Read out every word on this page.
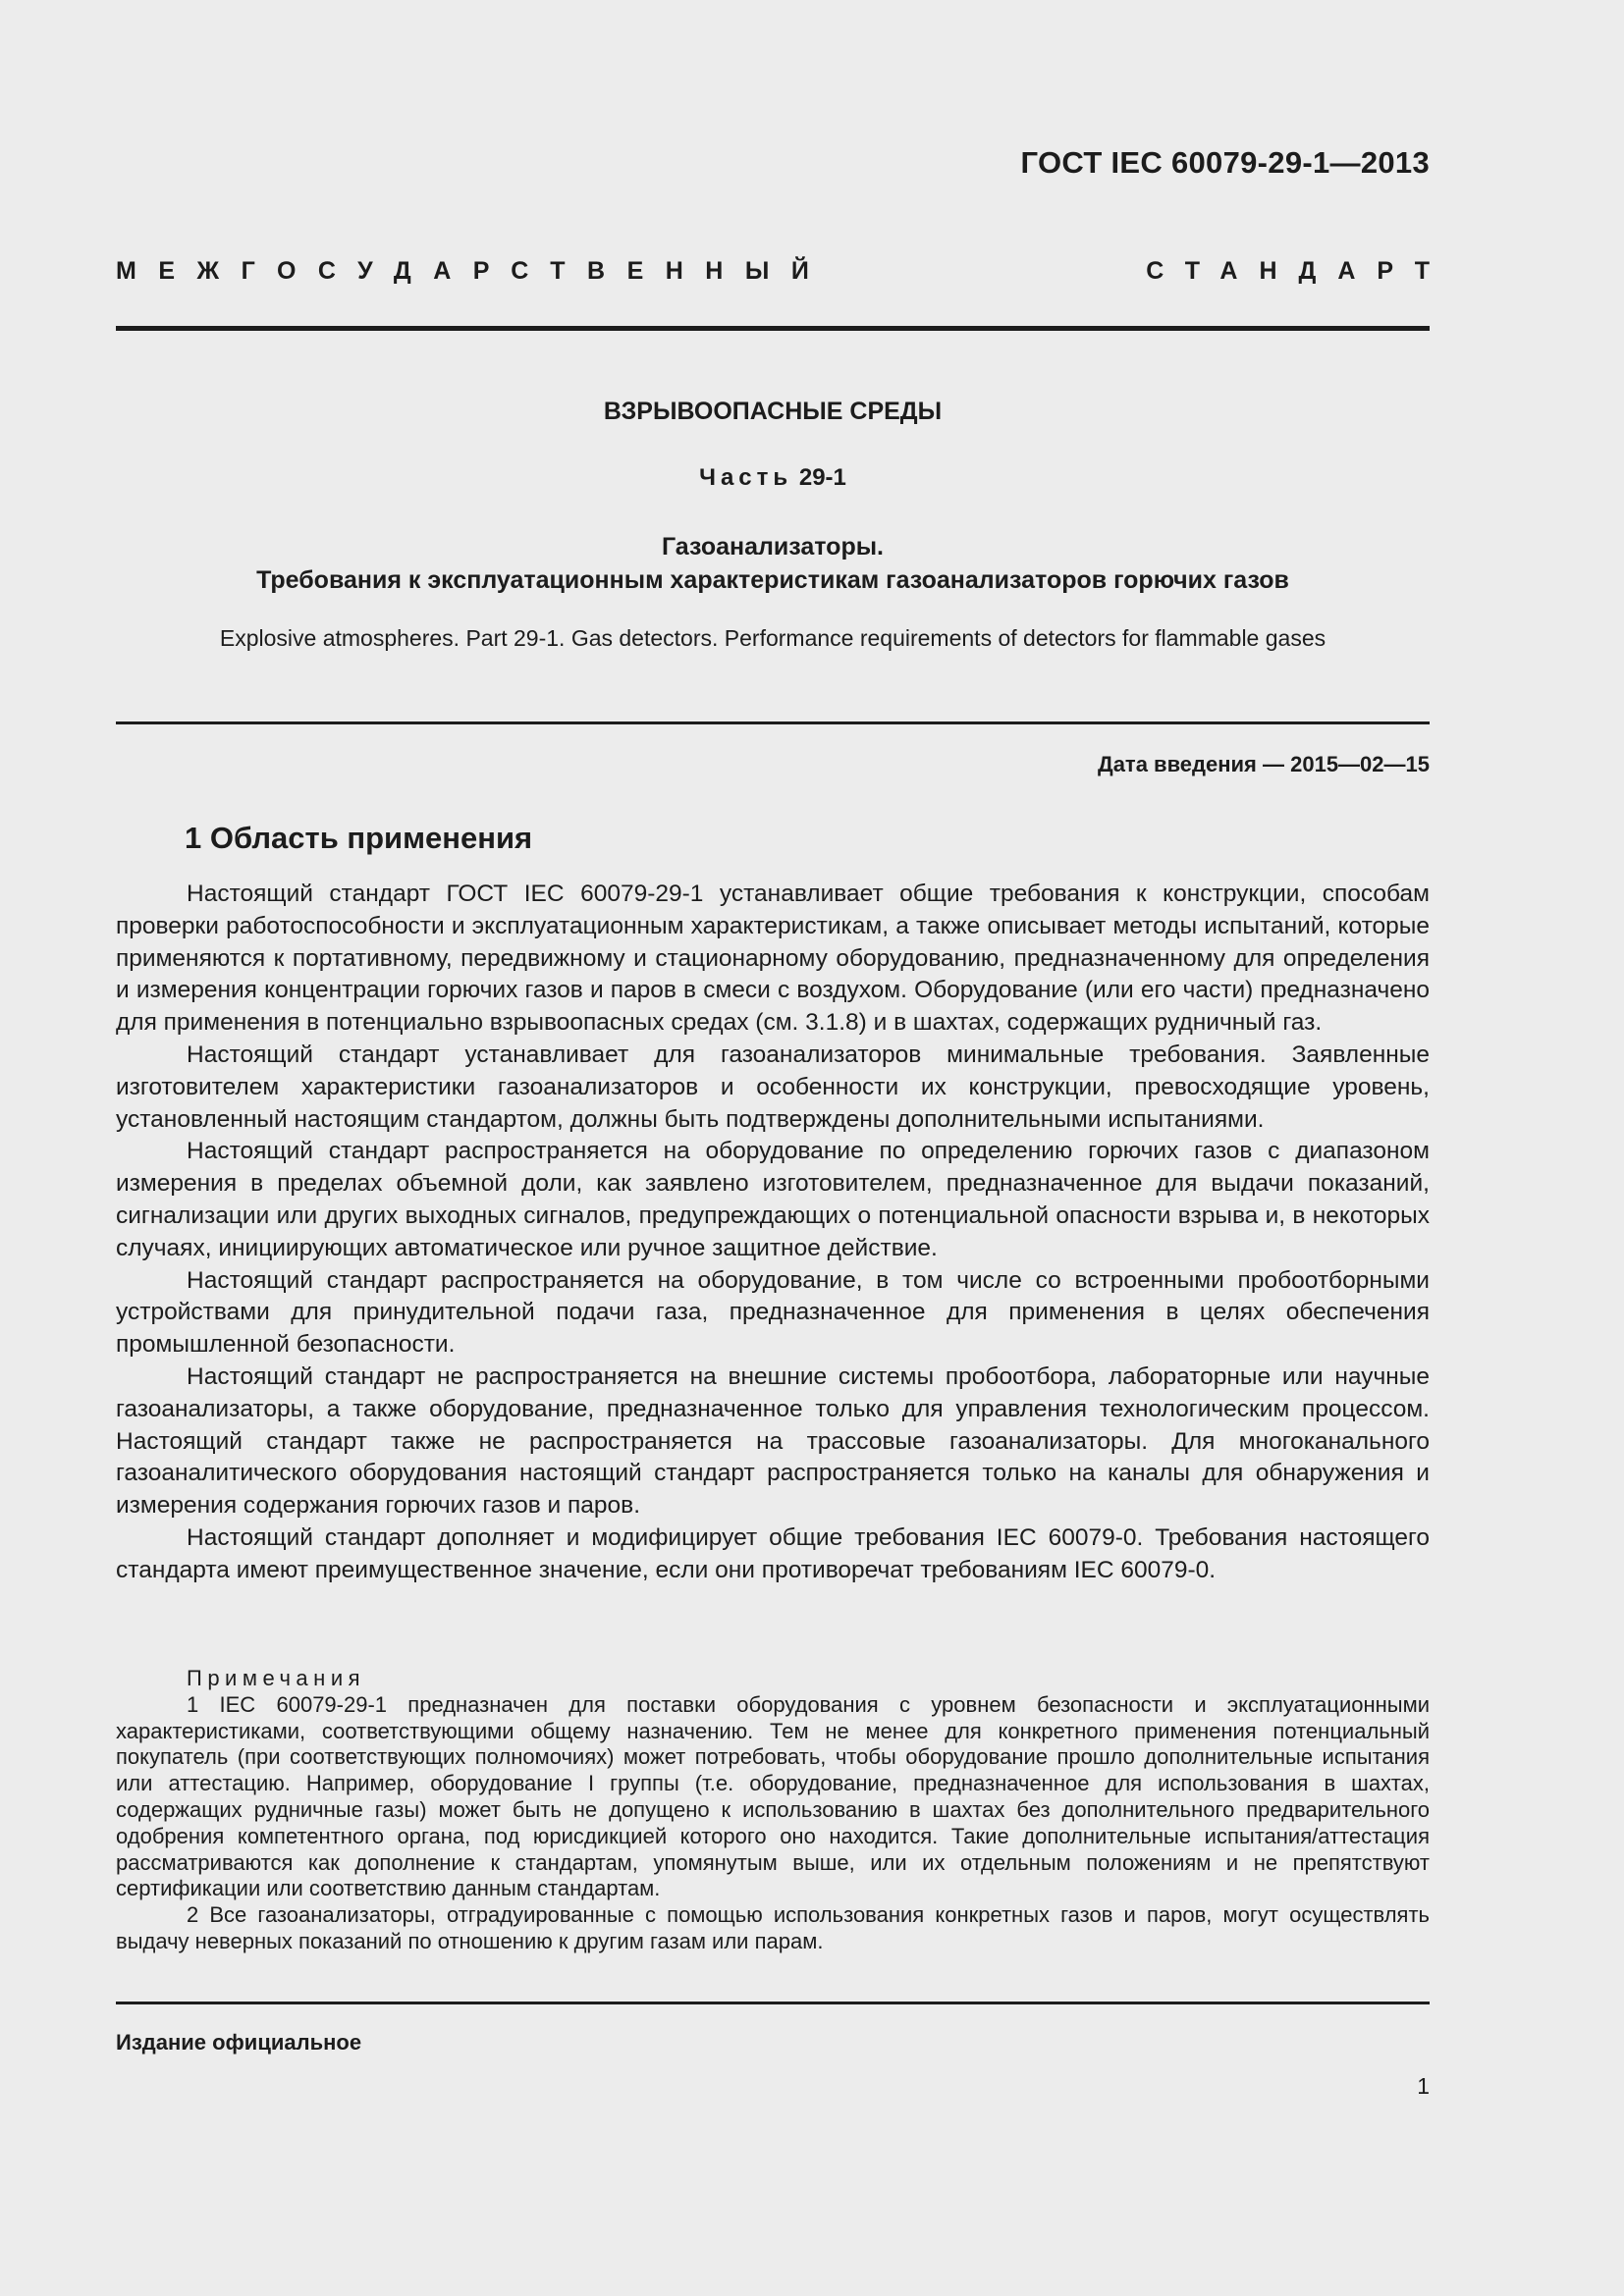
ГОСТ IEC 60079-29-1—2013
МЕЖГОСУДАРСТВЕННЫЙ	СТАНДАРТ
ВЗРЫВООПАСНЫЕ СРЕДЫ
Часть 29-1
Газоанализаторы.
Требования к эксплуатационным характеристикам газоанализаторов горючих газов
Explosive atmospheres. Part 29-1. Gas detectors. Performance requirements of detectors for flammable gases
Дата введения — 2015—02—15
1 Область применения

Настоящий стандарт ГОСТ IEC 60079-29-1 устанавливает общие требования к конструкции, способам проверки работоспособности и эксплуатационным характеристикам, а также описывает методы испытаний, которые применяются к портативному, передвижному и стационарному оборудованию, предназначенному для определения и измерения концентрации горючих газов и паров в смеси с воздухом. Оборудование (или его части) предназначено для применения в потенциально взрывоопасных средах (см. 3.1.8) и в шахтах, содержащих рудничный газ.

Настоящий стандарт устанавливает для газоанализаторов минимальные требования. Заявленные изготовителем характеристики газоанализаторов и особенности их конструкции, превосходящие уровень, установленный настоящим стандартом, должны быть подтверждены дополнительными испытаниями.

Настоящий стандарт распространяется на оборудование по определению горючих газов с диапазоном измерения в пределах объемной доли, как заявлено изготовителем, предназначенное для выдачи показаний, сигнализации или других выходных сигналов, предупреждающих о потенциальной опасности взрыва и, в некоторых случаях, инициирующих автоматическое или ручное защитное действие.

Настоящий стандарт распространяется на оборудование, в том числе со встроенными пробоотборными устройствами для принудительной подачи газа, предназначенное для применения в целях обеспечения промышленной безопасности.

Настоящий стандарт не распространяется на внешние системы пробоотбора, лабораторные или научные газоанализаторы, а также оборудование, предназначенное только для управления технологическим процессом. Настоящий стандарт также не распространяется на трассовые газоанализаторы. Для многоканального газоаналитического оборудования настоящий стандарт распространяется только на каналы для обнаружения и измерения содержания горючих газов и паров.

Настоящий стандарт дополняет и модифицирует общие требования IEC 60079-0. Требования настоящего стандарта имеют преимущественное значение, если они противоречат требованиям IEC 60079-0.

Примечания

1 IEC 60079-29-1 предназначен для поставки оборудования с уровнем безопасности и эксплуатационными характеристиками, соответствующими общему назначению. Тем не менее для конкретного применения потенциальный покупатель (при соответствующих полномочиях) может потребовать, чтобы оборудование прошло дополнительные испытания или аттестацию. Например, оборудование I группы (т.е. оборудование, предназначенное для использования в шахтах, содержащих рудничные газы) может быть не допущено к использованию в шахтах без дополнительного предварительного одобрения компетентного органа, под юрисдикцией которого оно находится. Такие дополнительные испытания/аттестация рассматриваются как дополнение к стандартам, упомянутым выше, или их отдельным положениям и не препятствуют сертификации или соответствию данным стандартам.

2 Все газоанализаторы, отградуированные с помощью использования конкретных газов и паров, могут осуществлять выдачу неверных показаний по отношению к другим газам или парам.

Издание официальное
1
